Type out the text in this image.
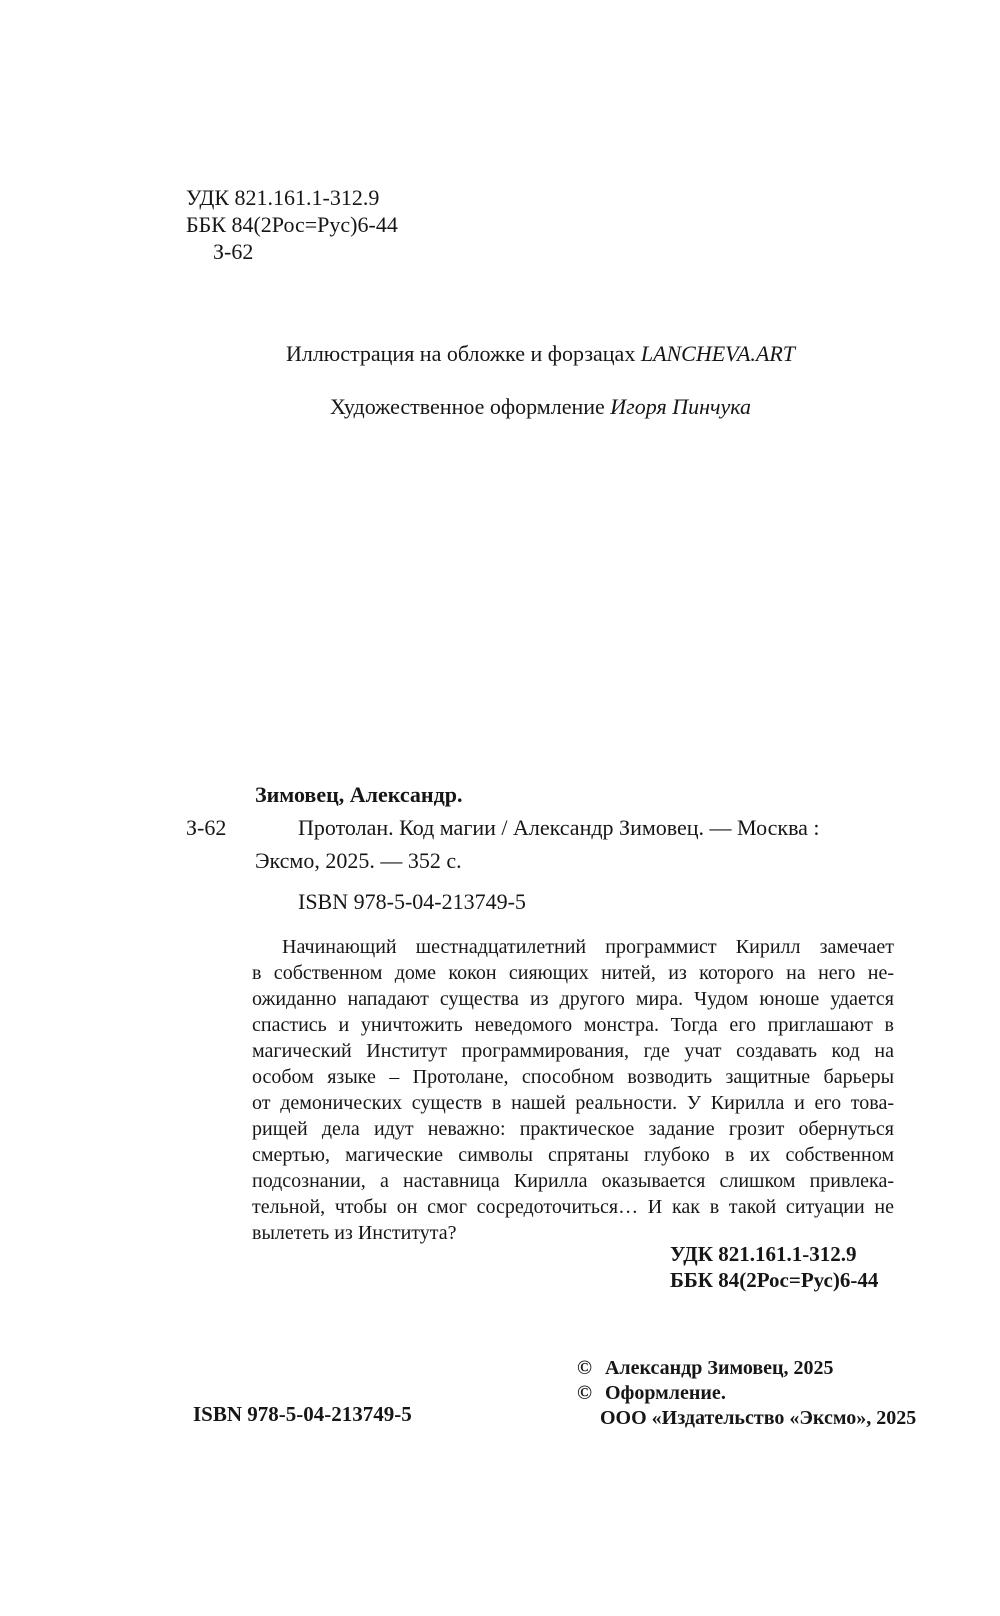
УДК 821.161.1-312.9
ББК 84(2Рос=Рус)6-44
З-62
Иллюстрация на обложке и форзацах LANCHEVA.ART
Художественное оформление Игоря Пинчука
Зимовец, Александр.
З-62	Протолан. Код магии / Александр Зимовец. — Москва :
Эксмо, 2025. — 352 с.
ISBN 978-5-04-213749-5
Начинающий шестнадцатилетний программист Кирилл замечает
в собственном доме кокон сияющих нитей, из которого на него не-
ожиданно нападают существа из другого мира. Чудом юноше удается
спастись и уничтожить неведомого монстра. Тогда его приглашают в
магический Институт программирования, где учат создавать код на
особом языке – Протолане, способном возводить защитные барьеры
от демонических существ в нашей реальности. У Кирилла и его това-
рищей дела идут неважно: практическое задание грозит обернуться
смертью, магические символы спрятаны глубоко в их собственном
подсознании, а наставница Кирилла оказывается слишком привлека-
тельной, чтобы он смог сосредоточиться… И как в такой ситуации не
вылететь из Института?
УДК 821.161.1-312.9
ББК 84(2Рос=Рус)6-44
© Александр Зимовец, 2025
© Оформление.
ООО «Издательство «Эксмо», 2025
ISBN 978-5-04-213749-5
